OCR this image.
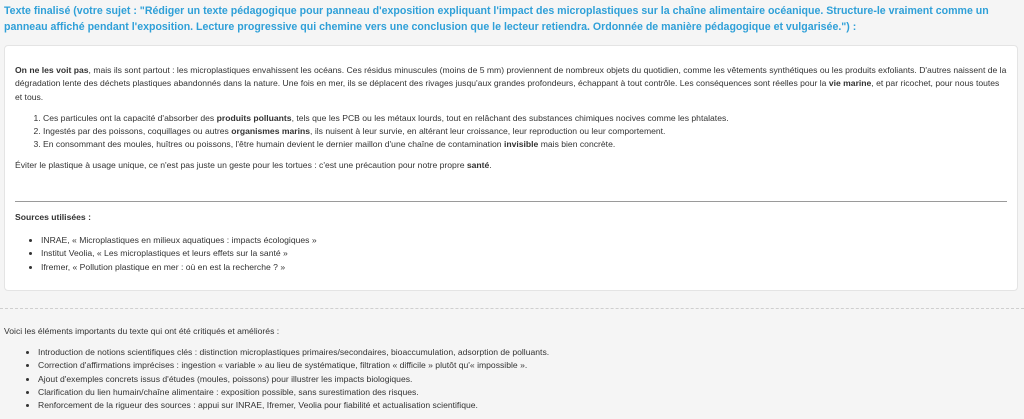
Texte finalisé (votre sujet : "Rédiger un texte pédagogique pour panneau d'exposition expliquant l'impact des microplastiques sur la chaîne alimentaire océanique. Structure-le vraiment comme un panneau affiché pendant l'exposition. Lecture progressive qui chemine vers une conclusion que le lecteur retiendra. Ordonnée de manière pédagogique et vulgarisée.") :

On ne les voit pas, mais ils sont partout : les microplastiques envahissent les océans. Ces résidus minuscules (moins de 5 mm) proviennent de nombreux objets du quotidien, comme les vêtements synthétiques ou les produits exfoliants. D'autres naissent de la dégradation lente des déchets plastiques abandonnés dans la nature. Une fois en mer, ils se déplacent des rivages jusqu'aux grandes profondeurs, échappant à tout contrôle. Les conséquences sont réelles pour la vie marine, et par ricochet, pour nous toutes et tous.

1. Ces particules ont la capacité d'absorber des produits polluants, tels que les PCB ou les métaux lourds, tout en relâchant des substances chimiques nocives comme les phtalates.
2. Ingestés par des poissons, coquillages ou autres organismes marins, ils nuisent à leur survie, en altérant leur croissance, leur reproduction ou leur comportement.
3. En consommant des moules, huîtres ou poissons, l'être humain devient le dernier maillon d'une chaîne de contamination invisible mais bien concrète.

Éviter le plastique à usage unique, ce n'est pas juste un geste pour les tortues : c'est une précaution pour notre propre santé.

Sources utilisées :
• INRAE, « Microplastiques en milieux aquatiques : impacts écologiques »
• Institut Veolia, « Les microplastiques et leurs effets sur la santé »
• Ifremer, « Pollution plastique en mer : où en est la recherche ? »
Voici les éléments importants du texte qui ont été critiqués et améliorés :
• Introduction de notions scientifiques clés : distinction microplastiques primaires/secondaires, bioaccumulation, adsorption de polluants.
• Correction d'affirmations imprécises : ingestion « variable » au lieu de systématique, filtration « difficile » plutôt qu'« impossible ».
• Ajout d'exemples concrets issus d'études (moules, poissons) pour illustrer les impacts biologiques.
• Clarification du lien humain/chaîne alimentaire : exposition possible, sans surestimation des risques.
• Renforcement de la rigueur des sources : appui sur INRAE, Ifremer, Veolia pour fiabilité et actualisation scientifique.
